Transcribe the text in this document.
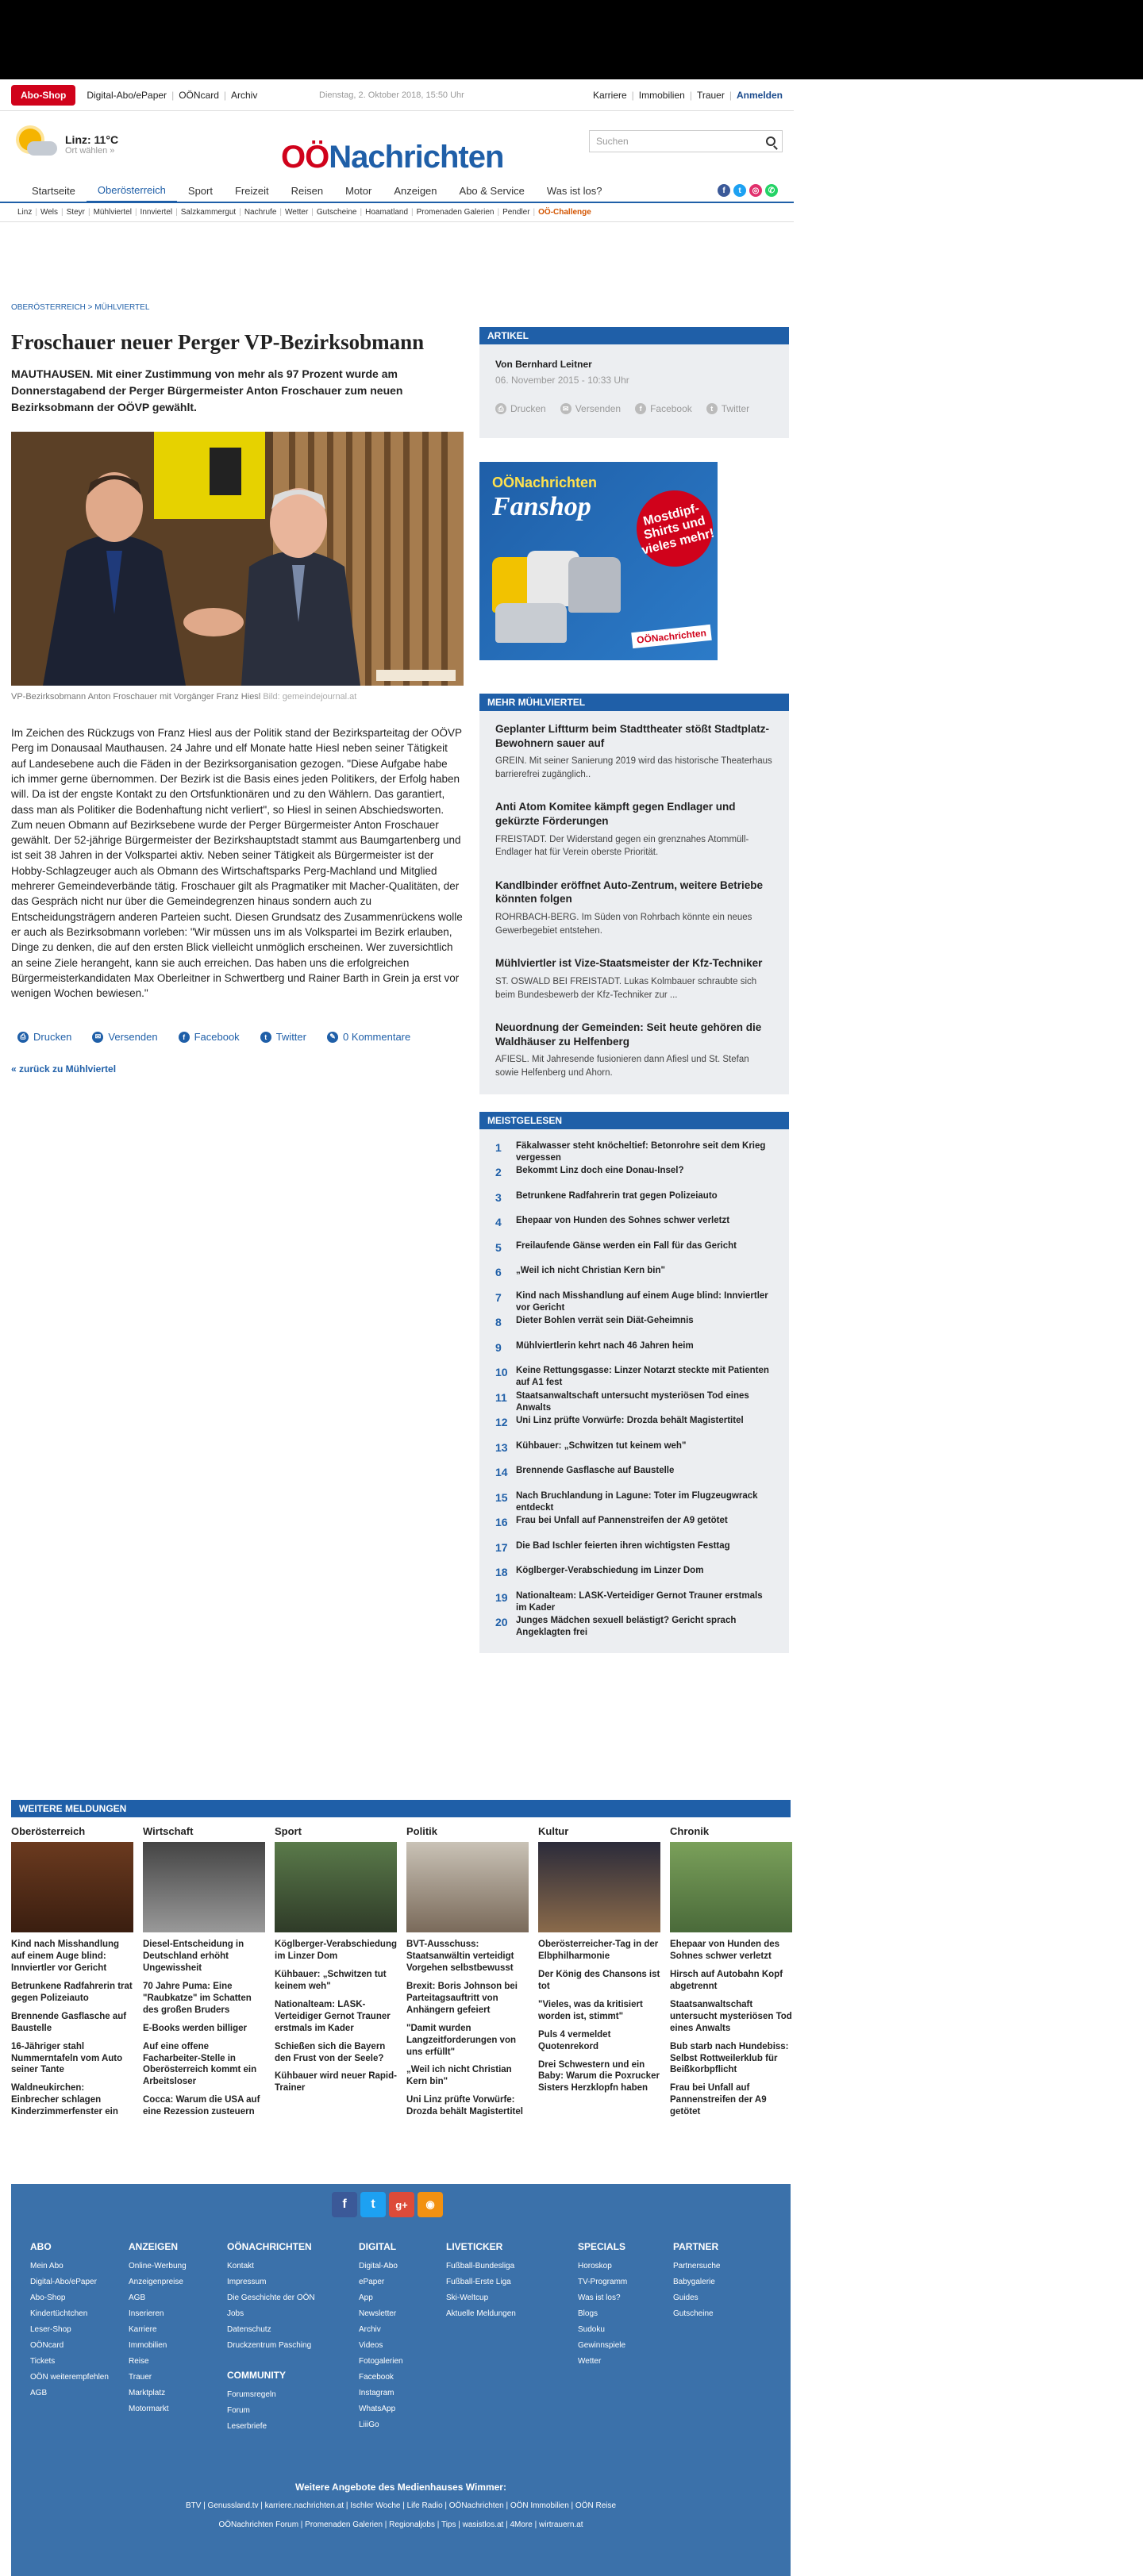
Abo-Shop	Digital-Abo/ePaper | OÖNcard | Archiv	Dienstag, 2. Oktober 2018, 15:50 Uhr	Karriere | Immobilien | Trauer | Anmelden
Linz: 11°C
Ort wählen »	OÖNachrichten	Suchen
Startseite	Oberösterreich	Sport	Freizeit	Reisen	Motor	Anzeigen	Abo & Service	Was ist los?	f	t	◎	✆
Linz | Wels | Steyr | Mühlviertel | Innviertel | Salzkammergut | Nachrufe | Wetter | Gutscheine | Hoamatland | Promenaden Galerien | Pendler | OÖ-Challenge
OBERÖSTERREICH > MÜHLVIERTEL
Froschauer neuer Perger VP-Bezirksobmann
MAUTHAUSEN. Mit einer Zustimmung von mehr als 97 Prozent wurde am Donnerstagabend der Perger Bürgermeister Anton Froschauer zum neuen Bezirksobmann der OÖVP gewählt.
VP-Bezirksobmann Anton Froschauer mit Vorgänger Franz Hiesl Bild: gemeindejournal.at

Im Zeichen des Rückzugs von Franz Hiesl aus der Politik stand der Bezirksparteitag der OÖVP Perg im Donausaal Mauthausen. 24 Jahre und elf Monate hatte Hiesl neben seiner Tätigkeit auf Landesebene auch die Fäden in der Bezirksorganisation gezogen. "Diese Aufgabe habe ich immer gerne übernommen. Der Bezirk ist die Basis eines jeden Politikers, der Erfolg haben will. Da ist der engste Kontakt zu den Ortsfunktionären und zu den Wählern. Das garantiert, dass man als Politiker die Bodenhaftung nicht verliert", so Hiesl in seinen Abschiedsworten.

Zum neuen Obmann auf Bezirksebene wurde der Perger Bürgermeister Anton Froschauer gewählt. Der 52-jährige Bürgermeister der Bezirkshauptstadt stammt aus Baumgartenberg und ist seit 38 Jahren in der Volkspartei aktiv. Neben seiner Tätigkeit als Bürgermeister ist der Hobby-Schlagzeuger auch als Obmann des Wirtschaftsparks Perg-Machland und Mitglied mehrerer Gemeindeverbände tätig. Froschauer gilt als Pragmatiker mit Macher-Qualitäten, der das Gespräch nicht nur über die Gemeindegrenzen hinaus sondern auch zu Entscheidungsträgern anderen Parteien sucht. Diesen Grundsatz des Zusammenrückens wolle er auch als Bezirksobmann vorleben: "Wir müssen uns im als Volkspartei im Bezirk erlauben, Dinge zu denken, die auf den ersten Blick vielleicht unmöglich erscheinen. Wer zuversichtlich an seine Ziele herangeht, kann sie auch erreichen. Das haben uns die erfolgreichen Bürgermeisterkandidaten Max Oberleitner in Schwertberg und Rainer Barth in Grein ja erst vor wenigen Wochen bewiesen."

⎙ Drucken	✉ Versenden	f Facebook	t Twitter	✎ 0 Kommentare
« zurück zu Mühlviertel
ARTIKEL
Von Bernhard Leitner
06. November 2015 - 10:33 Uhr
⎙ Drucken	✉ Versenden	f Facebook	t Twitter
OÖNachrichten
Fanshop	Mostdipf-Shirts und vieles mehr!
OÖNachrichten
MEHR MÜHLVIERTEL
Geplanter Liftturm beim Stadttheater stößt Stadtplatz-Bewohnern sauer auf
GREIN. Mit seiner Sanierung 2019 wird das historische Theaterhaus barrierefrei zugänglich..
Anti Atom Komitee kämpft gegen Endlager und gekürzte Förderungen
FREISTADT. Der Widerstand gegen ein grenznahes Atommüll-Endlager hat für Verein oberste Priorität.
Kandlbinder eröffnet Auto-Zentrum, weitere Betriebe könnten folgen
ROHRBACH-BERG. Im Süden von Rohrbach könnte ein neues Gewerbegebiet entstehen.
Mühlviertler ist Vize-Staatsmeister der Kfz-Techniker
ST. OSWALD BEI FREISTADT. Lukas Kolmbauer schraubte sich beim Bundesbewerb der Kfz-Techniker zur ...
Neuordnung der Gemeinden: Seit heute gehören die Waldhäuser zu Helfenberg
AFIESL. Mit Jahresende fusionieren dann Afiesl und St. Stefan sowie Helfenberg und Ahorn.
MEISTGELESEN
1	Fäkalwasser steht knöcheltief: Betonrohre seit dem Krieg vergessen
2	Bekommt Linz doch eine Donau-Insel?
3	Betrunkene Radfahrerin trat gegen Polizeiauto
4	Ehepaar von Hunden des Sohnes schwer verletzt
5	Freilaufende Gänse werden ein Fall für das Gericht
6	„Weil ich nicht Christian Kern bin"
7	Kind nach Misshandlung auf einem Auge blind: Innviertler vor Gericht
8	Dieter Bohlen verrät sein Diät-Geheimnis
9	Mühlviertlerin kehrt nach 46 Jahren heim
10 Keine Rettungsgasse: Linzer Notarzt steckte mit Patienten auf A1 fest
11 Staatsanwaltschaft untersucht mysteriösen Tod eines Anwalts
12 Uni Linz prüfte Vorwürfe: Drozda behält Magistertitel
13 Kühbauer: „Schwitzen tut keinem weh"
14 Brennende Gasflasche auf Baustelle
15 Nach Bruchlandung in Lagune: Toter im Flugzeugwrack entdeckt
16 Frau bei Unfall auf Pannenstreifen der A9 getötet
17 Die Bad Ischler feierten ihren wichtigsten Festtag
18 Köglberger-Verabschiedung im Linzer Dom
19 Nationalteam: LASK-Verteidiger Gernot Trauner erstmals im Kader
20 Junges Mädchen sexuell belästigt? Gericht sprach Angeklagten frei
WEITERE MELDUNGEN
Oberösterreich
Kind nach Misshandlung auf einem Auge blind: Innviertler vor Gericht
Betrunkene Radfahrerin trat gegen Polizeiauto
Brennende Gasflasche auf Baustelle
16-Jähriger stahl Nummerntafeln vom Auto seiner Tante
Waldneukirchen: Einbrecher schlagen Kinderzimmerfenster ein
Wirtschaft
Diesel-Entscheidung in Deutschland erhöht Ungewissheit
70 Jahre Puma: Eine "Raubkatze" im Schatten des großen Bruders
E-Books werden billiger
Auf eine offene Facharbeiter-Stelle in Oberösterreich kommt ein Arbeitsloser
Cocca: Warum die USA auf eine Rezession zusteuern
Sport
Köglberger-Verabschiedung im Linzer Dom
Kühbauer: „Schwitzen tut keinem weh"
Nationalteam: LASK-Verteidiger Gernot Trauner erstmals im Kader
Schießen sich die Bayern den Frust von der Seele?
Kühbauer wird neuer Rapid-Trainer
Politik
BVT-Ausschuss: Staatsanwältin verteidigt Vorgehen selbstbewusst
Brexit: Boris Johnson bei Parteitagsauftritt von Anhängern gefeiert
"Damit wurden Langzeitforderungen von uns erfüllt"
„Weil ich nicht Christian Kern bin"
Uni Linz prüfte Vorwürfe: Drozda behält Magistertitel
Kultur
Oberösterreicher-Tag in der Elbphilharmonie
Der König des Chansons ist tot
"Vieles, was da kritisiert worden ist, stimmt"
Puls 4 vermeldet Quotenrekord
Drei Schwestern und ein Baby: Warum die Poxrucker Sisters Herzklopfn haben
Chronik
Ehepaar von Hunden des Sohnes schwer verletzt
Hirsch auf Autobahn Kopf abgetrennt
Staatsanwaltschaft untersucht mysteriösen Tod eines Anwalts
Bub starb nach Hundebiss: Selbst Rottweilerklub für Beißkorbpflicht
Frau bei Unfall auf Pannenstreifen der A9 getötet
f	t	g+	◉
ABO
Mein Abo
Digital-Abo/ePaper
Abo-Shop
Kindertüchtchen
Leser-Shop
OÖNcard
Tickets
OÖN weiterempfehlen
AGB
ANZEIGEN
Online-Werbung
Anzeigenpreise
AGB
Inserieren
Karriere
Immobilien
Reise
Trauer
Marktplatz
Motormarkt
OÖNACHRICHTEN
Kontakt
Impressum
Die Geschichte der OÖN
Jobs
Datenschutz
Druckzentrum Pasching
COMMUNITY
Forumsregeln
Forum
Leserbriefe
DIGITAL
Digital-Abo
ePaper
App
Newsletter
Archiv
Videos
Fotogalerien
Facebook
Instagram
WhatsApp
LiiiGo
LIVETICKER
Fußball-Bundesliga
Fußball-Erste Liga
Ski-Weltcup
Aktuelle Meldungen
SPECIALS
Horoskop
TV-Programm
Was ist los?
Blogs
Sudoku
Gewinnspiele
Wetter
PARTNER
Partnersuche
Babygalerie
Guides
Gutscheine
Weitere Angebote des Medienhauses Wimmer:
BTV | Genussland.tv | karriere.nachrichten.at | Ischler Woche | Life Radio | OÖNachrichten | OÖN Immobilien | OÖN Reise
OÖNachrichten Forum | Promenaden Galerien | Regionaljobs | Tips | wasistlos.at | 4More | wirtrauern.at
